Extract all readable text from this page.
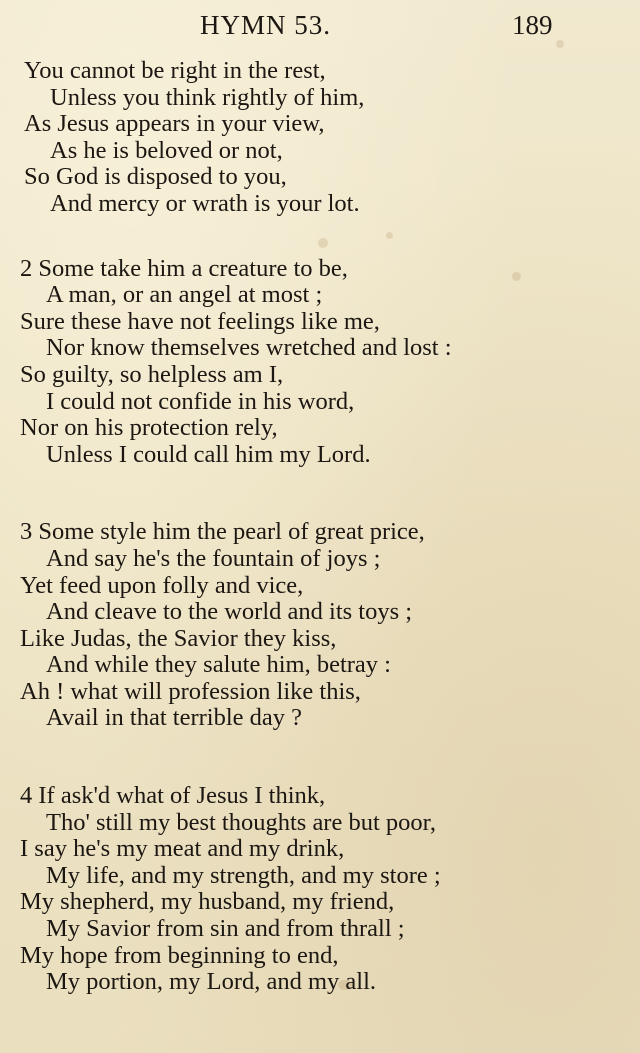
HYMN 53.	189
You cannot be right in the rest,
Unless you think rightly of him,
As Jesus appears in your view,
As he is beloved or not,
So God is disposed to you,
And mercy or wrath is your lot.
2 Some take him a creature to be,
A man, or an angel at most ;
Sure these have not feelings like me,
Nor know themselves wretched and lost :
So guilty, so helpless am I,
I could not confide in his word,
Nor on his protection rely,
Unless I could call him my Lord.
3 Some style him the pearl of great price,
And say he's the fountain of joys ;
Yet feed upon folly and vice,
And cleave to the world and its toys ;
Like Judas, the Savior they kiss,
And while they salute him, betray :
Ah ! what will profession like this,
Avail in that terrible day ?
4 If ask'd what of Jesus I think,
Tho' still my best thoughts are but poor,
I say he's my meat and my drink,
My life, and my strength, and my store ;
My shepherd, my husband, my friend,
My Savior from sin and from thrall ;
My hope from beginning to end,
My portion, my Lord, and my all.
